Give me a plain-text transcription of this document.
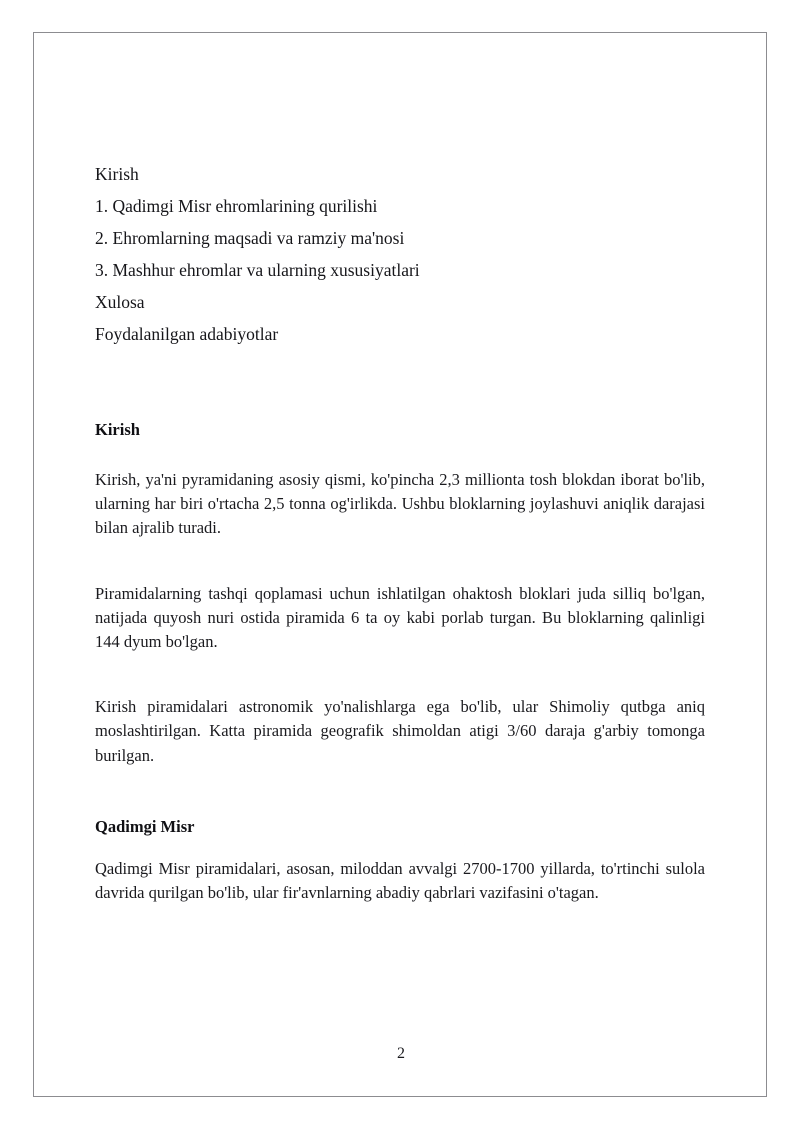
Kirish
1. Qadimgi Misr ehromlarining qurilishi
2. Ehromlarning maqsadi va ramziy ma'nosi
3. Mashhur ehromlar va ularning xususiyatlari
Xulosa
Foydalanilgan adabiyotlar
Kirish

Kirish, ya'ni pyramidaning asosiy qismi, ko'pincha 2,3 millionta tosh blokdan iborat bo'lib, ularning har biri o'rtacha 2,5 tonna og'irlikda. Ushbu bloklarning joylashuvi aniqlik darajasi bilan ajralib turadi.

Piramidalarning tashqi qoplamasi uchun ishlatilgan ohaktosh bloklari juda silliq bo'lgan, natijada quyosh nuri ostida piramida 6 ta oy kabi porlab turgan. Bu bloklarning qalinligi 144 dyum bo'lgan.

Kirish piramidalari astronomik yo'nalishlarga ega bo'lib, ular Shimoliy qutbga aniq moslashtirilgan. Katta piramida geografik shimoldan atigi 3/60 daraja g'arbiy tomonga burilgan.

Qadimgi Misr

Qadimgi Misr piramidalari, asosan, miloddan avvalgi 2700-1700 yillarda, to'rtinchi sulola davrida qurilgan bo'lib, ular fir'avnlarning abadiy qabrlari vazifasini o'tagan.

2
